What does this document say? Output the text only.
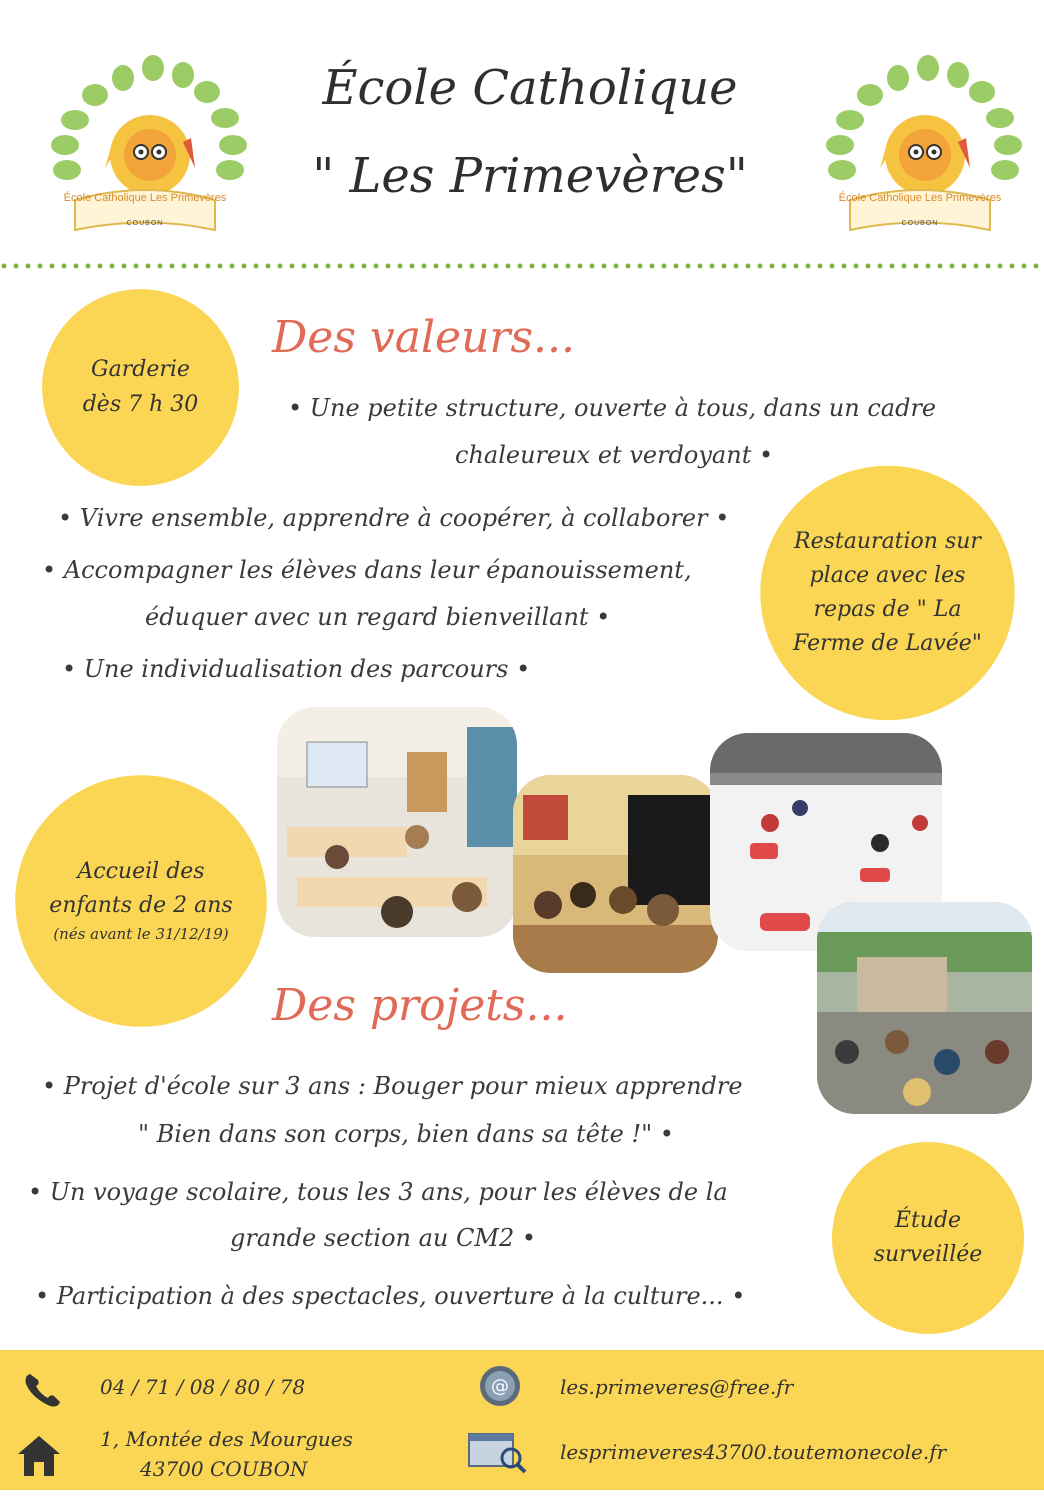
École Catholique Les Primevères
COUBON
École Catholique Les Primevères
COUBON
École Catholique
" Les Primevères"
Garderie
dès 7 h 30
Restauration sur
place avec les
repas de " La
Ferme de Lavée"
Accueil des
enfants de 2 ans
(nés avant le 31/12/19)
Étude
surveillée
Des valeurs...
• Une petite structure, ouverte à tous, dans un cadre
chaleureux et verdoyant •
• Vivre ensemble, apprendre à coopérer, à collaborer •
• Accompagner les élèves dans leur épanouissement,
éduquer avec un regard bienveillant •
• Une individualisation des parcours •
Des projets...
• Projet d'école sur 3 ans : Bouger pour mieux apprendre
" Bien dans son corps, bien dans sa tête !" •
• Un voyage scolaire, tous les 3 ans, pour les élèves de la
grande section au CM2 •
• Participation à des spectacles, ouverture à la culture... •
04 / 71 / 08 / 80 / 78	@	les.primeveres@free.fr
1, Montée des Mourgues
43700 COUBON
lesprimeveres43700.toutemonecole.fr
